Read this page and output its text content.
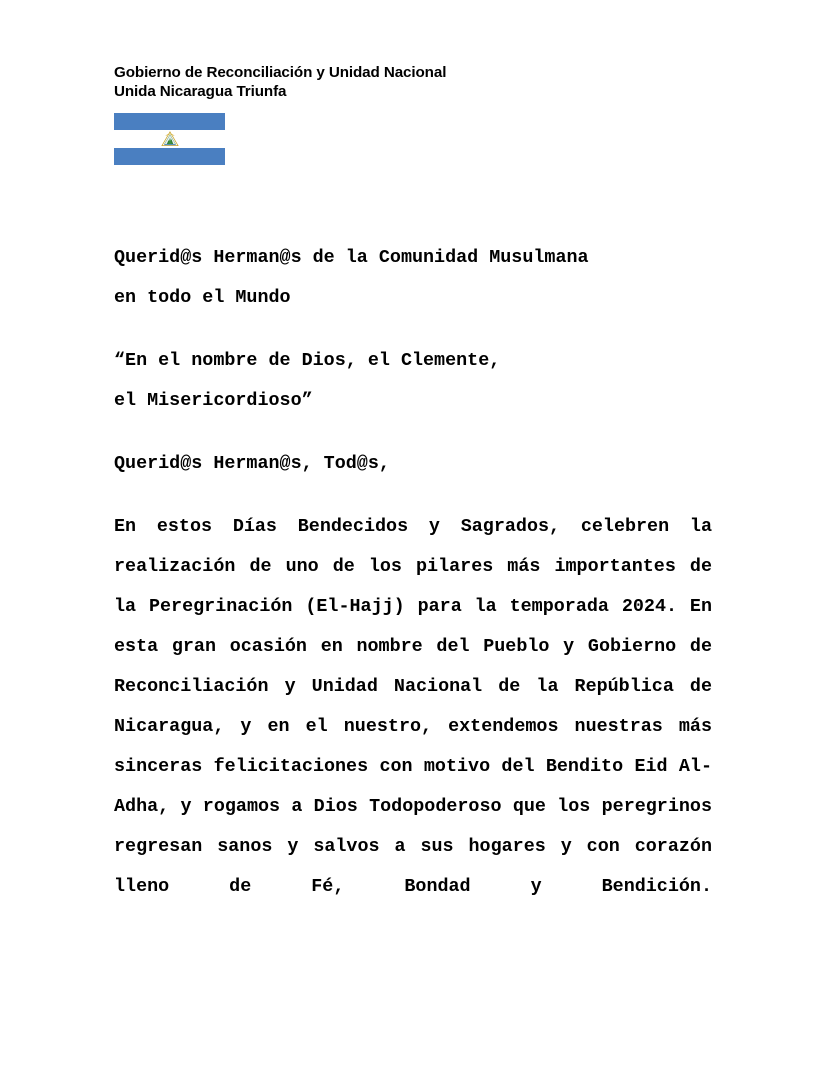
Gobierno de Reconciliación y Unidad Nacional
Unida Nicaragua Triunfa

Querid@s Herman@s de la Comunidad Musulmana

en todo el Mundo

“En el nombre de Dios, el Clemente,

el Misericordioso”

Querid@s Herman@s, Tod@s,

En estos Días Bendecidos y Sagrados, celebren la realización de uno de los pilares más importantes de la Peregrinación (El-Hajj) para la temporada 2024. En esta gran ocasión en nombre del Pueblo y Gobierno de Reconciliación y Unidad Nacional de la República de Nicaragua, y en el nuestro, extendemos nuestras más sinceras felicitaciones con motivo del Bendito Eid Al-Adha, y rogamos a Dios Todopoderoso que los peregrinos regresan sanos y salvos a sus hogares y con corazón lleno de Fé, Bondad y Bendición.
